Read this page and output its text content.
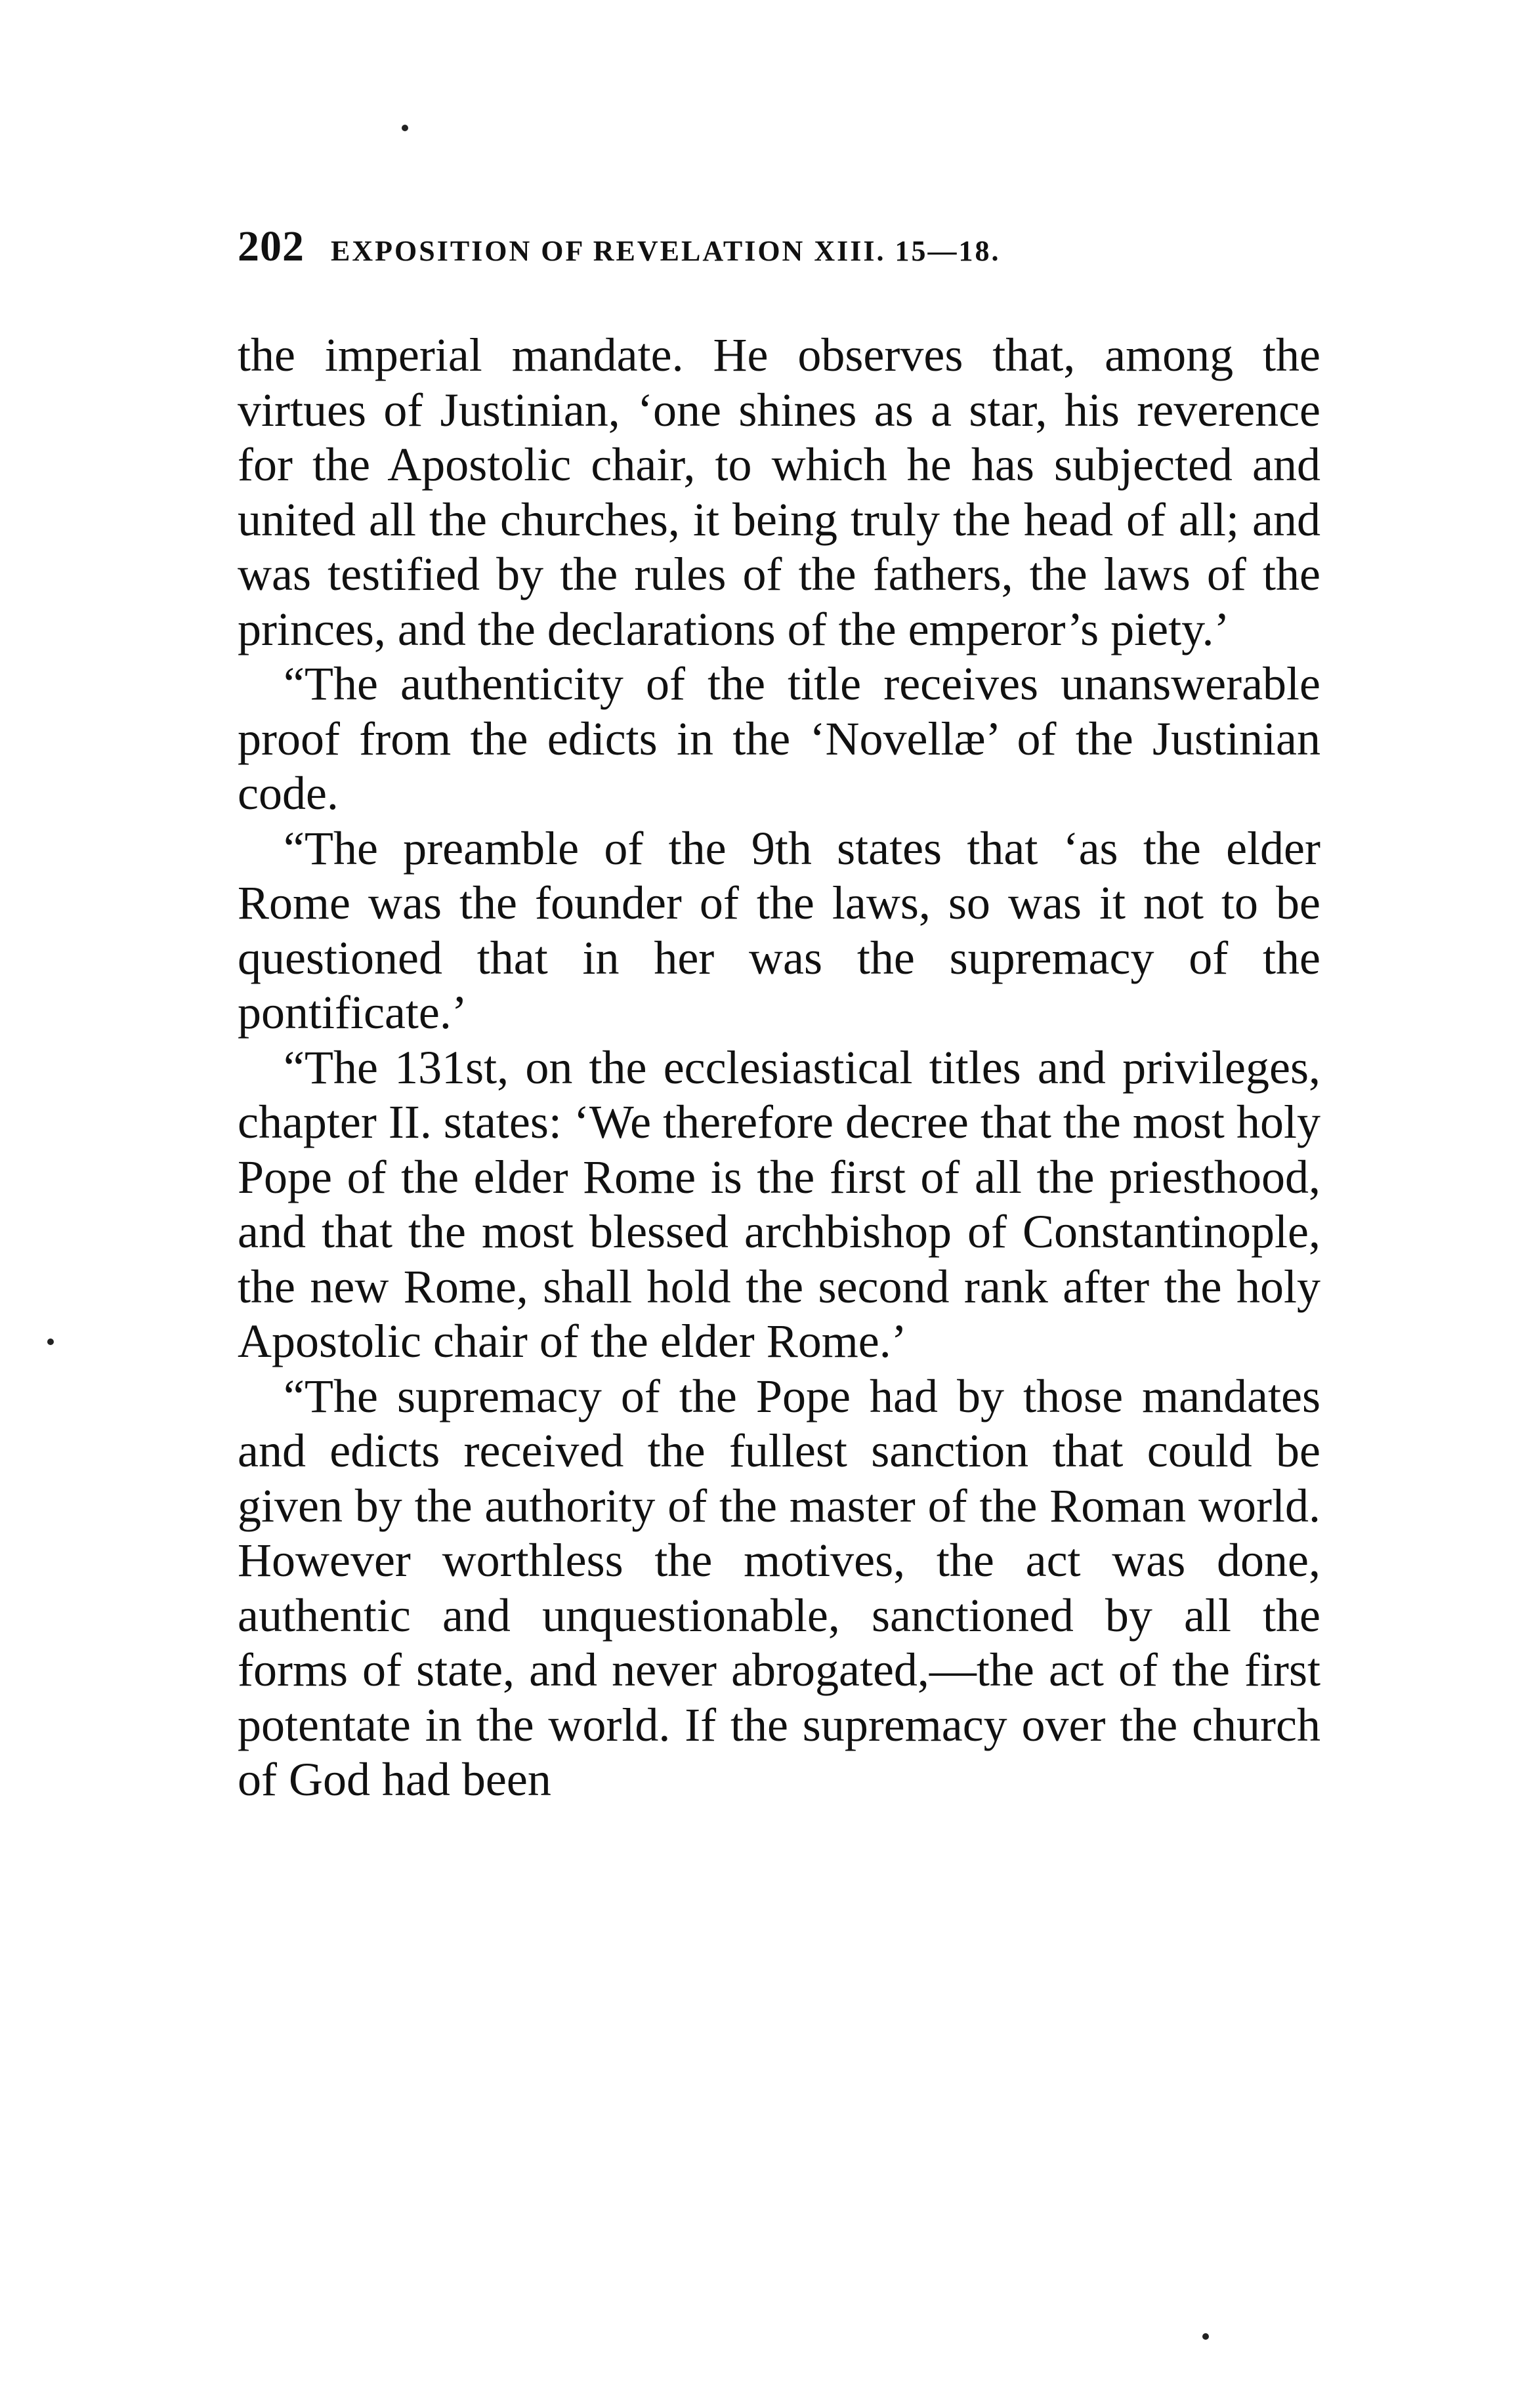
202 EXPOSITION OF REVELATION XIII. 15—18.

the imperial mandate. He observes that, among the virtues of Justinian, ‘one shines as a star, his reverence for the Apostolic chair, to which he has subjected and united all the churches, it being truly the head of all; and was testified by the rules of the fathers, the laws of the princes, and the declarations of the emperor’s piety.’

“The authenticity of the title receives unanswerable proof from the edicts in the ‘Novellæ’ of the Justinian code.

“The preamble of the 9th states that ‘as the elder Rome was the founder of the laws, so was it not to be questioned that in her was the supremacy of the pontificate.’

“The 131st, on the ecclesiastical titles and privileges, chapter II. states: ‘We therefore decree that the most holy Pope of the elder Rome is the first of all the priesthood, and that the most blessed archbishop of Constantinople, the new Rome, shall hold the second rank after the holy Apostolic chair of the elder Rome.’

“The supremacy of the Pope had by those mandates and edicts received the fullest sanction that could be given by the authority of the master of the Roman world. However worthless the motives, the act was done, authentic and unquestionable, sanctioned by all the forms of state, and never abrogated,—the act of the first potentate in the world. If the supremacy over the church of God had been
